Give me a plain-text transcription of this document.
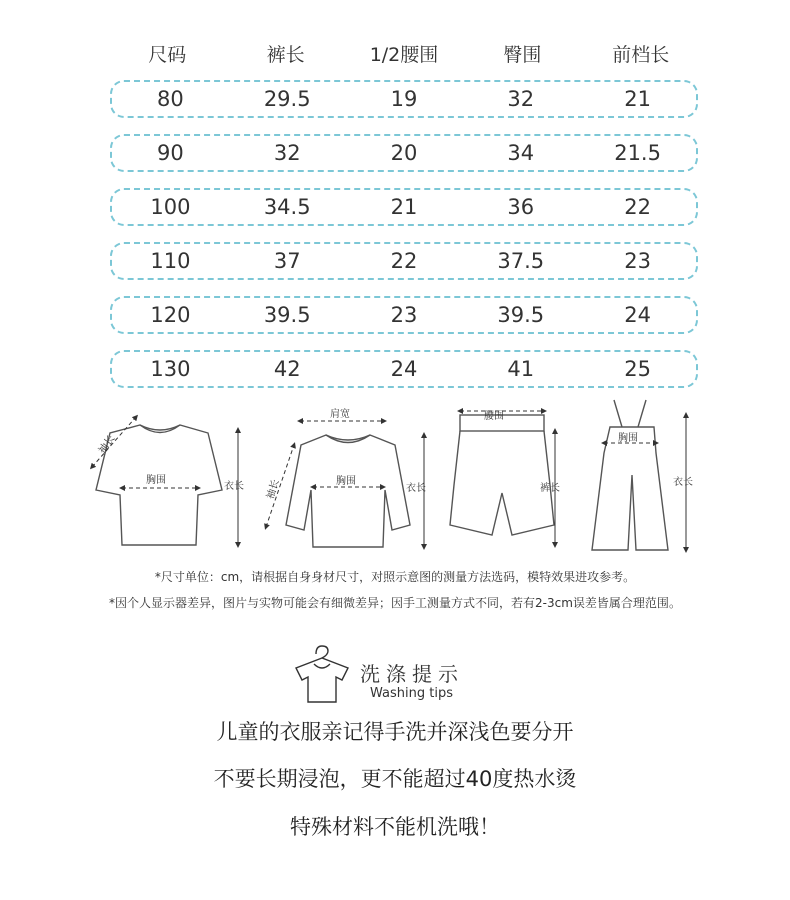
尺码	裤长	1/2腰围	臀围	前档长
80	29.5	19	32	21
90	32	20	34	21.5
100	34.5	21	36	22
110	37	22	37.5	23
120	39.5	23	39.5	24
130	42	24	41	25
胸围
袖长
衣长
肩宽
胸围
袖长	衣长
腰围
裤长
胸围
衣长
*尺寸单位：cm，请根据自身身材尺寸，对照示意图的测量方法选码，模特效果进攻参考。
*因个人显示器差异，图片与实物可能会有细微差异；因手工测量方式不同，若有2-3cm误差皆属合理范围。
洗涤提示
Washing tips
儿童的衣服亲记得手洗并深浅色要分开
不要长期浸泡，更不能超过40度热水烫
特殊材料不能机洗哦！
